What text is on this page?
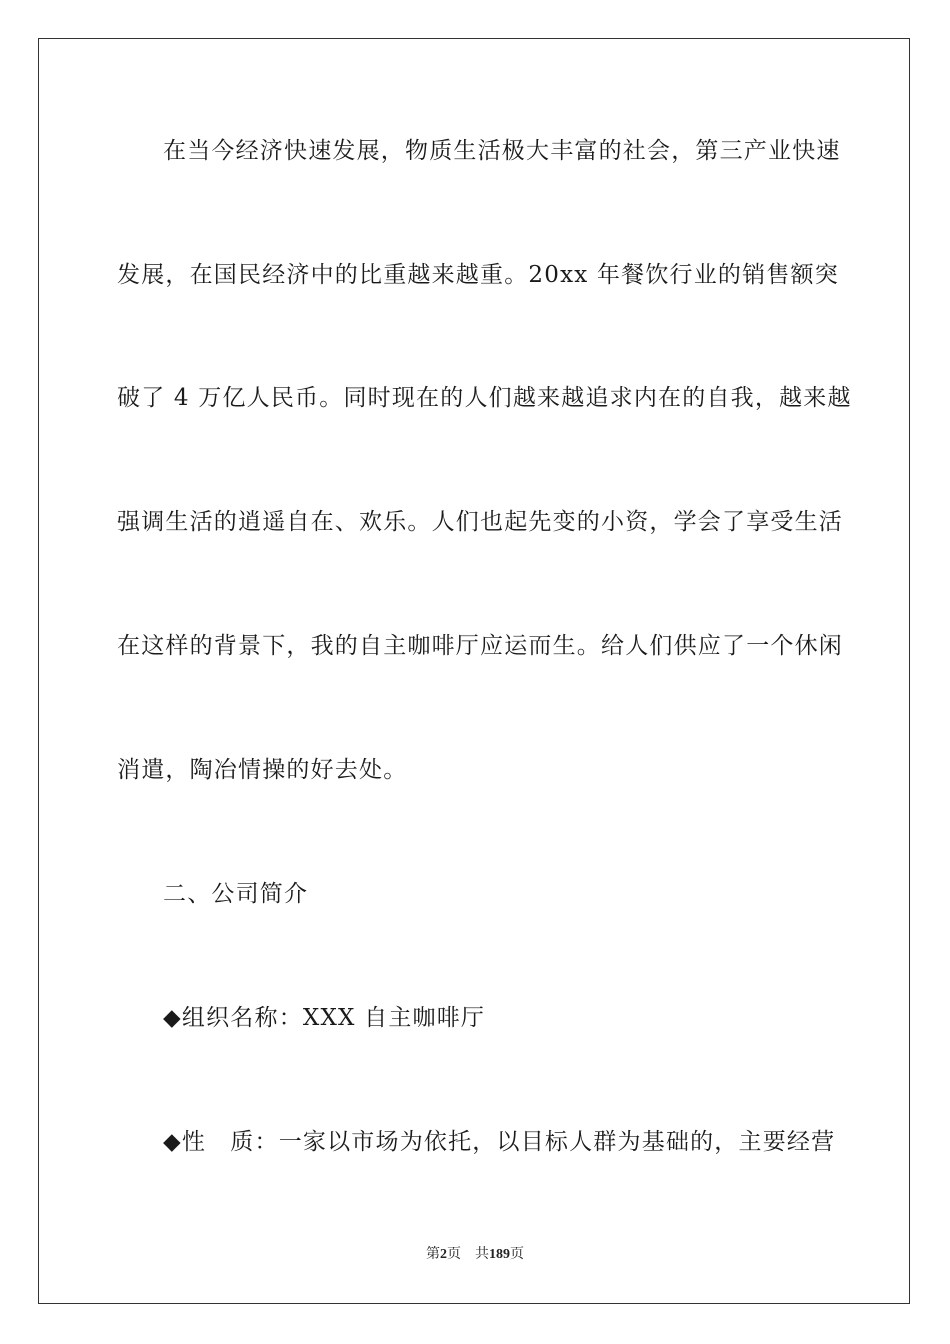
在当今经济快速发展，物质生活极大丰富的社会，第三产业快速
发展，在国民经济中的比重越来越重。20xx 年餐饮行业的销售额突
破了 4 万亿人民币。同时现在的人们越来越追求内在的自我，越来越
强调生活的逍遥自在、欢乐。人们也起先变的小资，学会了享受生活
在这样的背景下，我的自主咖啡厅应运而生。给人们供应了一个休闲
消遣，陶冶情操的好去处。
二、公司简介
◆组织名称：XXX 自主咖啡厅
◆性　质：一家以市场为依托，以目标人群为基础的，主要经营
第2页 共189页
